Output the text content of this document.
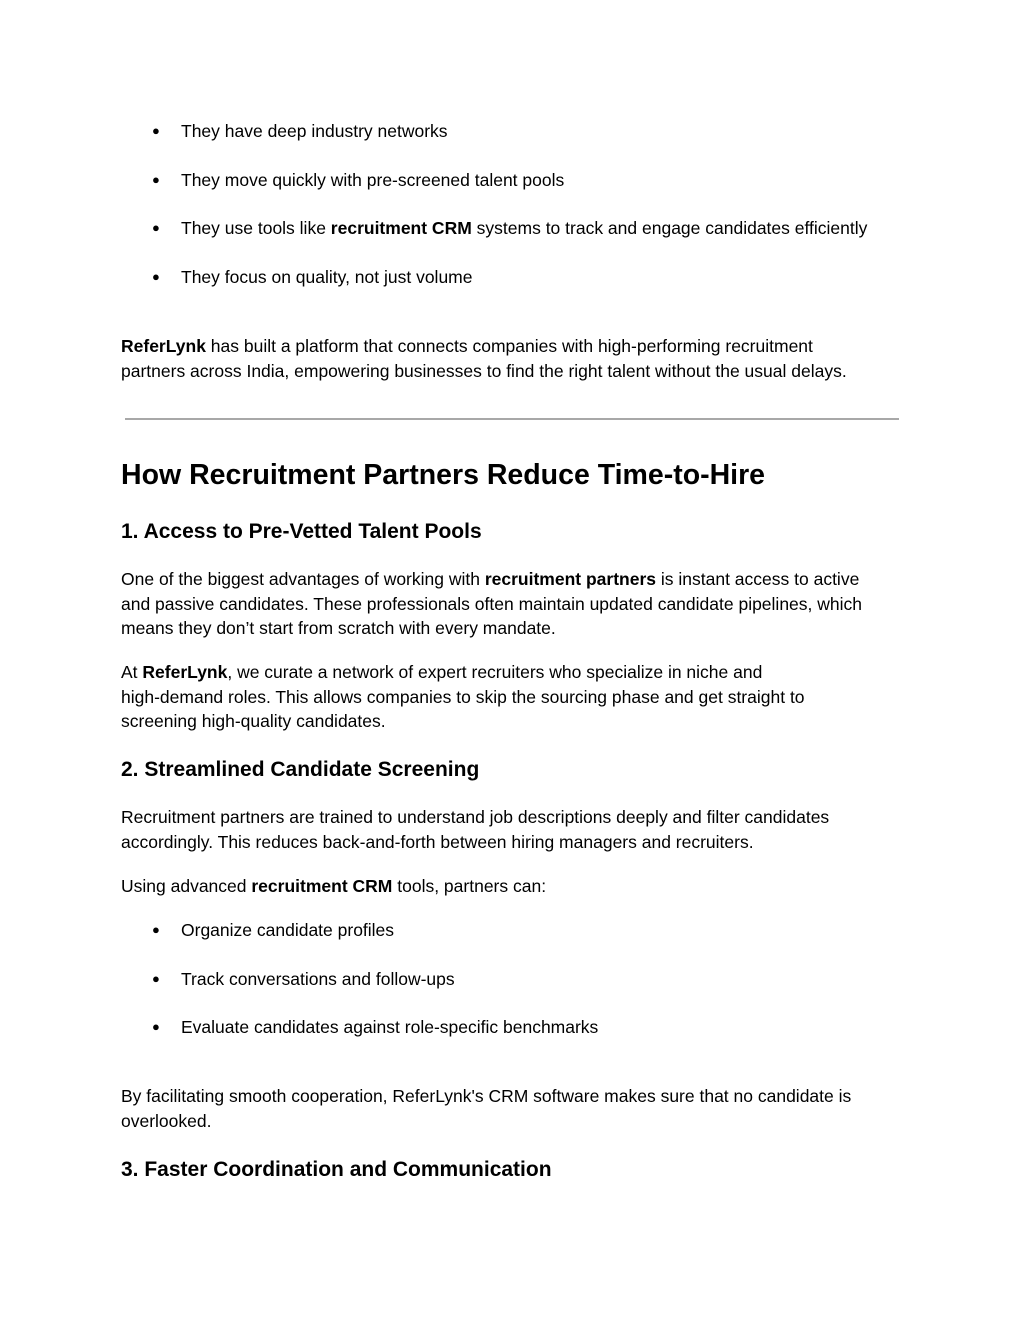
● They have deep industry networks
● They move quickly with pre-screened talent pools
● They use tools like recruitment CRM systems to track and engage candidates efficiently
● They focus on quality, not just volume

ReferLynk has built a platform that connects companies with high-performing recruitment
partners across India, empowering businesses to find the right talent without the usual delays.

How Recruitment Partners Reduce Time-to-Hire
1. Access to Pre-Vetted Talent Pools

One of the biggest advantages of working with recruitment partners is instant access to active
and passive candidates. These professionals often maintain updated candidate pipelines, which
means they don’t start from scratch with every mandate.

At ReferLynk, we curate a network of expert recruiters who specialize in niche and
high-demand roles. This allows companies to skip the sourcing phase and get straight to
screening high-quality candidates.

2. Streamlined Candidate Screening

Recruitment partners are trained to understand job descriptions deeply and filter candidates
accordingly. This reduces back-and-forth between hiring managers and recruiters.

Using advanced recruitment CRM tools, partners can:

● Organize candidate profiles
● Track conversations and follow-ups
● Evaluate candidates against role-specific benchmarks

By facilitating smooth cooperation, ReferLynk's CRM software makes sure that no candidate is
overlooked.

3. Faster Coordination and Communication
